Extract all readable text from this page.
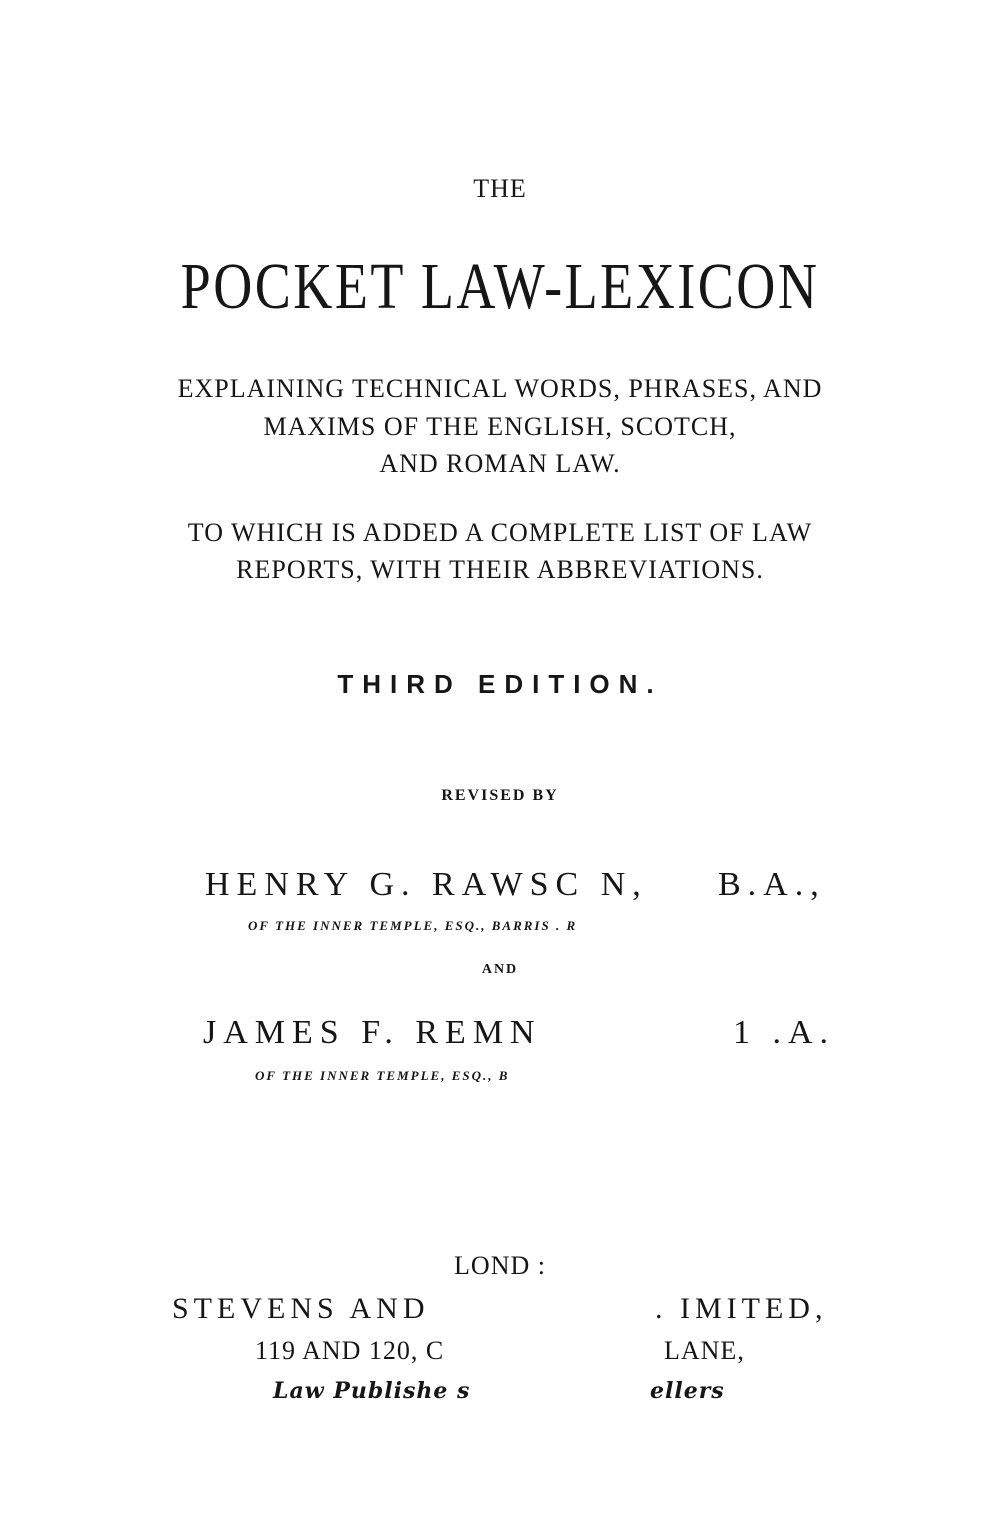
THE
POCKET LAW-LEXICON
EXPLAINING TECHNICAL WORDS, PHRASES, AND
MAXIMS OF THE ENGLISH, SCOTCH,
AND ROMAN LAW.
TO WHICH IS ADDED A COMPLETE LIST OF LAW
REPORTS, WITH THEIR ABBREVIATIONS.
THIRD EDITION.
REVISED BY
HENRY G. RAWSC N, B.A.,
OF THE INNER TEMPLE, ESQ., BARRIS . R
AND
JAMES F. REMN	1 .A.
OF THE INNER TEMPLE, ESQ., B
LOND :
STEVENS AND	. IMITED,
119 AND 120, C	LANE,
Law Publishe s	ellers
